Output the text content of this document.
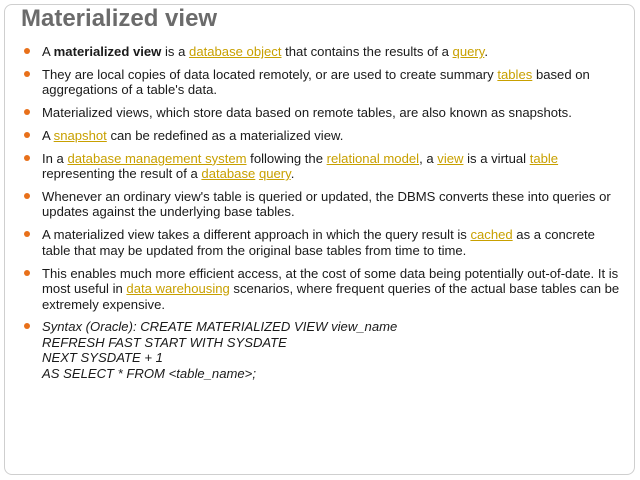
Materialized view
A materialized view is a database object that contains the results of a query.
They are local copies of data located remotely, or are used to create summary tables based on aggregations of a table's data.
Materialized views, which store data based on remote tables, are also known as snapshots.
A snapshot can be redefined as a materialized view.
In a database management system following the relational model, a view is a virtual table representing the result of a database query.
Whenever an ordinary view's table is queried or updated, the DBMS converts these into queries or updates against the underlying base tables.
A materialized view takes a different approach in which the query result is cached as a concrete table that may be updated from the original base tables from time to time.
This enables much more efficient access, at the cost of some data being potentially out-of-date. It is most useful in data warehousing scenarios, where frequent queries of the actual base tables can be extremely expensive.
Syntax (Oracle): CREATE MATERIALIZED VIEW view_name
REFRESH FAST START WITH SYSDATE
NEXT SYSDATE + 1
AS SELECT * FROM <table_name>;
